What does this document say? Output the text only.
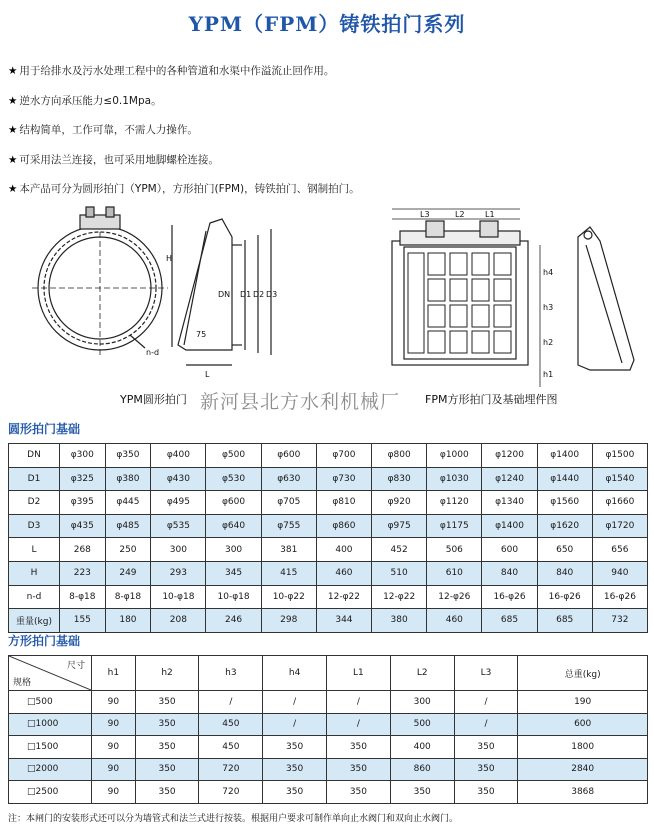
YPM（FPM）铸铁拍门系列
★ 用于给排水及污水处理工程中的各种管道和水渠中作溢流止回作用。
★ 逆水方向承压能力≤0.1Mpa。
★ 结构简单，工作可靠，不需人力操作。
★ 可采用法兰连接，也可采用地脚螺栓连接。
★ 本产品可分为圆形拍门（YPM），方形拍门(FPM)，铸铁拍门、钢制拍门。
H
DN D1 D2 D3
n-d
75
L
L3	L2	L1
h4
h3
h2
h1
YPM圆形拍门 新河县北方水利机械厂 FPM方形拍门及基础埋件图
圆形拍门基础
DN	φ300	φ350	φ400	φ500	φ600	φ700	φ800	φ1000	φ1200	φ1400	φ1500
D1	φ325	φ380	φ430	φ530	φ630	φ730	φ830	φ1030	φ1240	φ1440	φ1540
D2	φ395	φ445	φ495	φ600	φ705	φ810	φ920	φ1120	φ1340	φ1560	φ1660
D3	φ435	φ485	φ535	φ640	φ755	φ860	φ975	φ1175	φ1400	φ1620	φ1720
L	268	250	300	300	381	400	452	506	600	650	656
H	223	249	293	345	415	460	510	610	840	840	940
n-d	8-φ18	8-φ18	10-φ18	10-φ18	10-φ22	12-φ22	12-φ22	12-φ26	16-φ26	16-φ26	16-φ26
重量(kg)	155	180	208	246	298	344	380	460	685	685	732
方形拍门基础
尺寸
规格	h1	h2	h3	h4	L1	L2	L3	总重(kg)
□500	90	350	/	/	/	300	/	190
□1000	90	350	450	/	/	500	/	600
□1500	90	350	450	350	350	400	350	1800
□2000	90	350	720	350	350	860	350	2840
□2500	90	350	720	350	350	350	350	3868
注：本闸门的安装形式还可以分为墙管式和法兰式进行按装。根据用户要求可制作单向止水阀门和双向止水阀门。
